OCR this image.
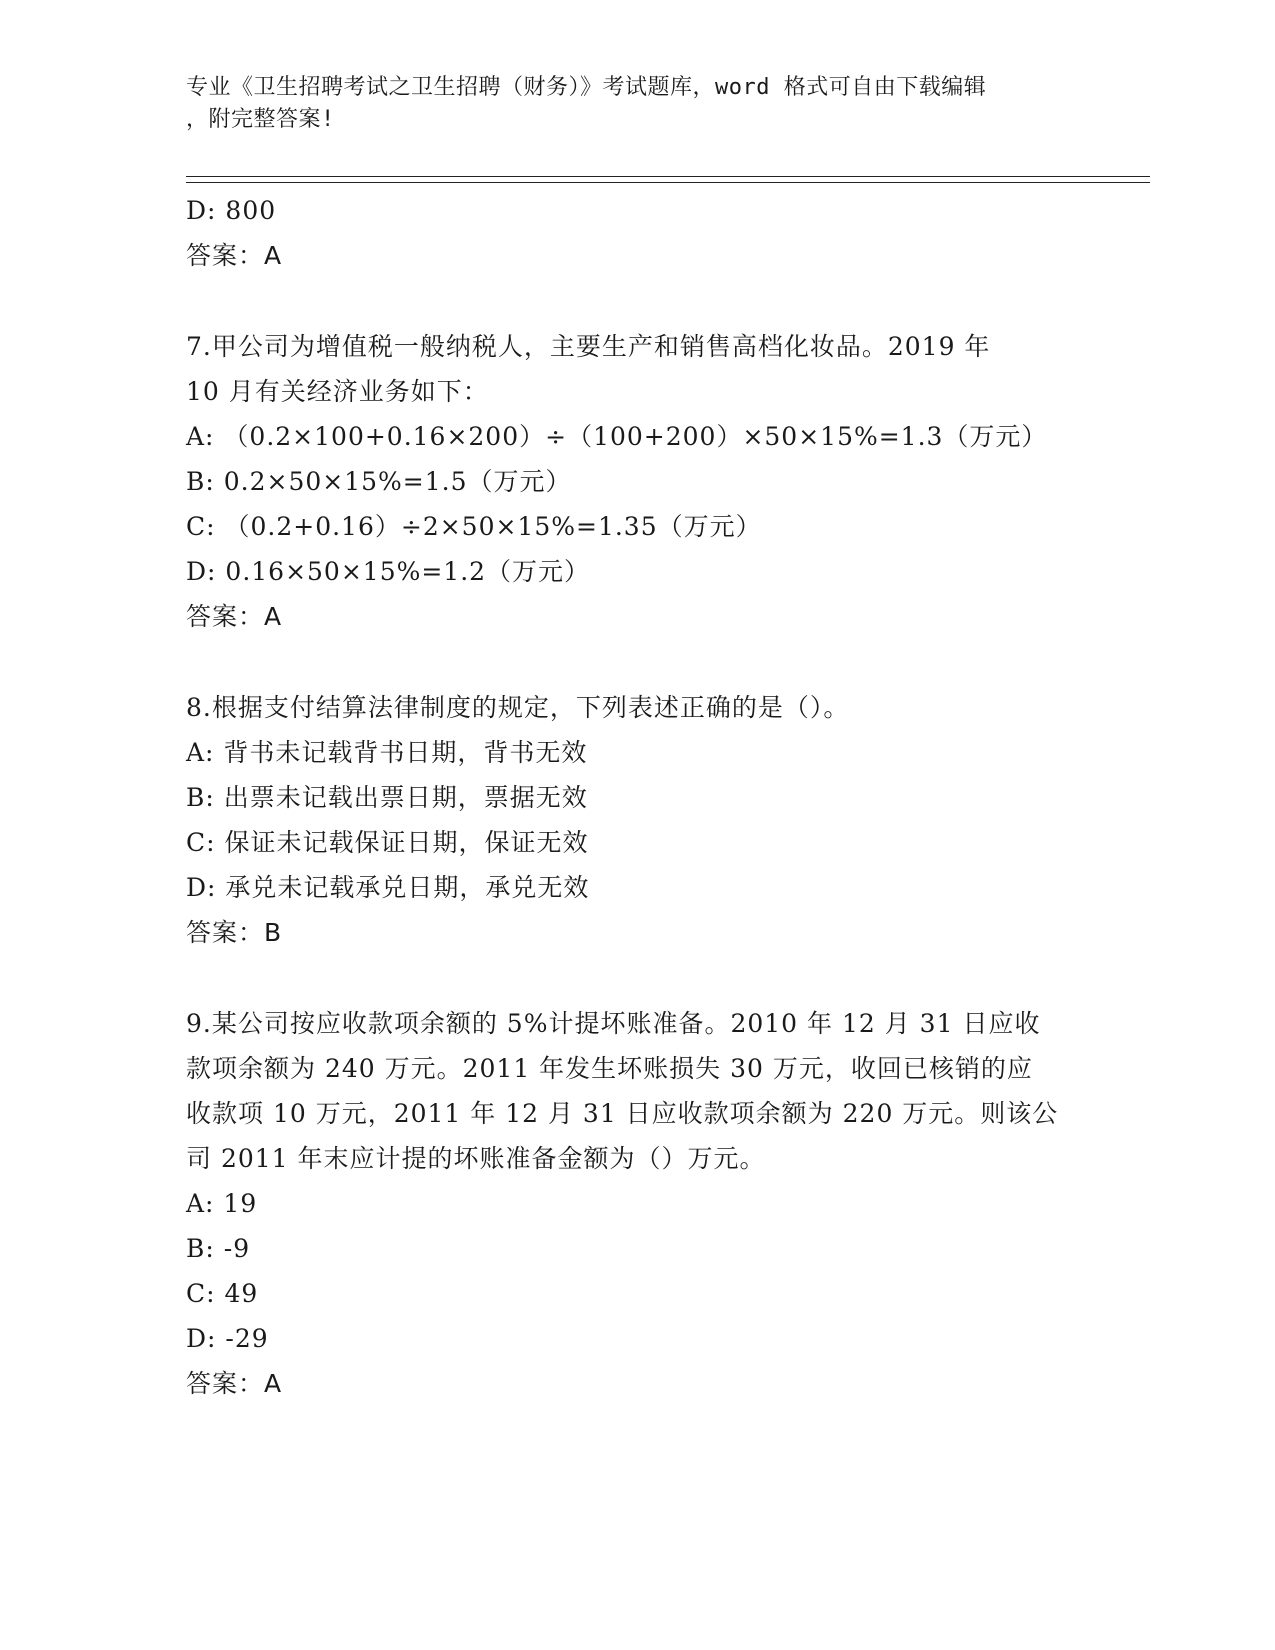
专业《卫生招聘考试之卫生招聘（财务）》考试题库，word 格式可自由下载编辑
，附完整答案!
D: 800
答案：A
7.甲公司为增值税一般纳税人，主要生产和销售高档化妆品。2019 年
10 月有关经济业务如下：
A: （0.2×100+0.16×200）÷（100+200）×50×15%=1.3（万元）
B: 0.2×50×15%=1.5（万元）
C: （0.2+0.16）÷2×50×15%=1.35（万元）
D: 0.16×50×15%=1.2（万元）
答案：A
8.根据支付结算法律制度的规定，下列表述正确的是（）。
A: 背书未记载背书日期，背书无效
B: 出票未记载出票日期，票据无效
C: 保证未记载保证日期，保证无效
D: 承兑未记载承兑日期，承兑无效
答案：B
9.某公司按应收款项余额的 5%计提坏账准备。2010 年 12 月 31 日应收
款项余额为 240 万元。2011 年发生坏账损失 30 万元，收回已核销的应
收款项 10 万元，2011 年 12 月 31 日应收款项余额为 220 万元。则该公
司 2011 年末应计提的坏账准备金额为（）万元。
A: 19
B: -9
C: 49
D: -29
答案：A
